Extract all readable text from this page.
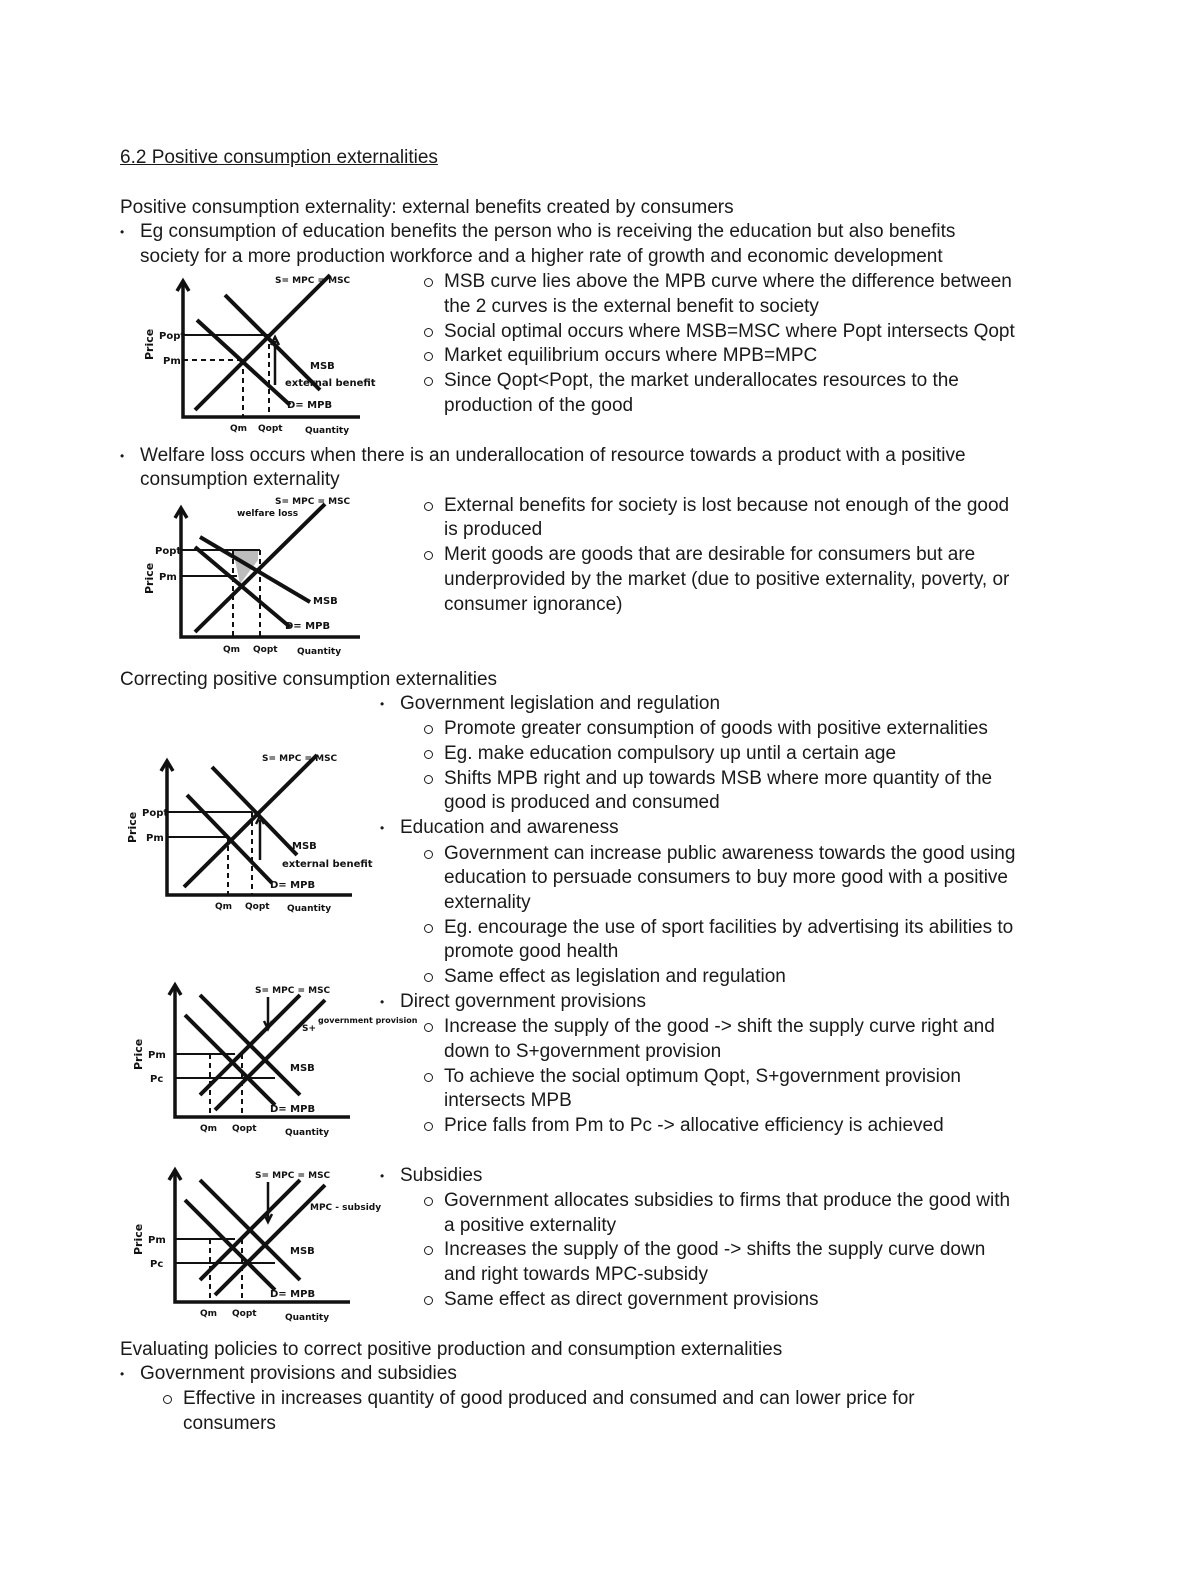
6.2 Positive consumption externalities
Positive consumption externality: external benefits created by consumers
• Eg consumption of education benefits the person who is receiving the education but also benefits
society for a more production workforce and a higher rate of growth and economic development
MSB curve lies above the MPB curve where the difference between
the 2 curves is the external benefit to society
Social optimal occurs where MSB=MSC where Popt intersects Qopt
Market equilibrium occurs where MPB=MPC
Since Qopt<Popt, the market underallocates resources to the
production of the good
• Welfare loss occurs when there is an underallocation of resource towards a product with a positive
consumption externality
External benefits for society is lost because not enough of the good
is produced
Merit goods are goods that are desirable for consumers but are
underprovided by the market (due to positive externality, poverty, or
consumer ignorance)
Correcting positive consumption externalities
• Government legislation and regulation
Promote greater consumption of goods with positive externalities
Eg. make education compulsory up until a certain age
Shifts MPB right and up towards MSB where more quantity of the
good is produced and consumed
• Education and awareness
Government can increase public awareness towards the good using
education to persuade consumers to buy more good with a positive
externality
Eg. encourage the use of sport facilities by advertising its abilities to
promote good health
Same effect as legislation and regulation
• Direct government provisions
Increase the supply of the good -> shift the supply curve right and
down to S+government provision
To achieve the social optimum Qopt, S+government provision
intersects MPB
Price falls from Pm to Pc -> allocative efficiency is achieved
• Subsidies
Government allocates subsidies to firms that produce the good with
a positive externality
Increases the supply of the good -> shifts the supply curve down
and right towards MPC-subsidy
Same effect as direct government provisions
Evaluating policies to correct positive production and consumption externalities
• Government provisions and subsidies
Effective in increases quantity of good produced and consumed and can lower price for
consumers
Price Popt
Pm
S= MPC = MSC
MSB
external benefit
D= MPB
Qm Qopt Quantity
Price
Popt
Pm
S= MPC = MSC
welfare loss
MSB
D= MPB
Qm Qopt Quantity
Price Popt
Pm
S= MPC = MSC
MSB
external benefit
D= MPB
Qm Qopt Quantity
Price Pm
Pc
S= MPC = MSC
S+
government provision
MSB
D= MPB
Qm Qopt	Quantity
Price Pm
Pc
S= MPC = MSC
MPC - subsidy
MSB
D= MPB
Qm Qopt	Quantity
